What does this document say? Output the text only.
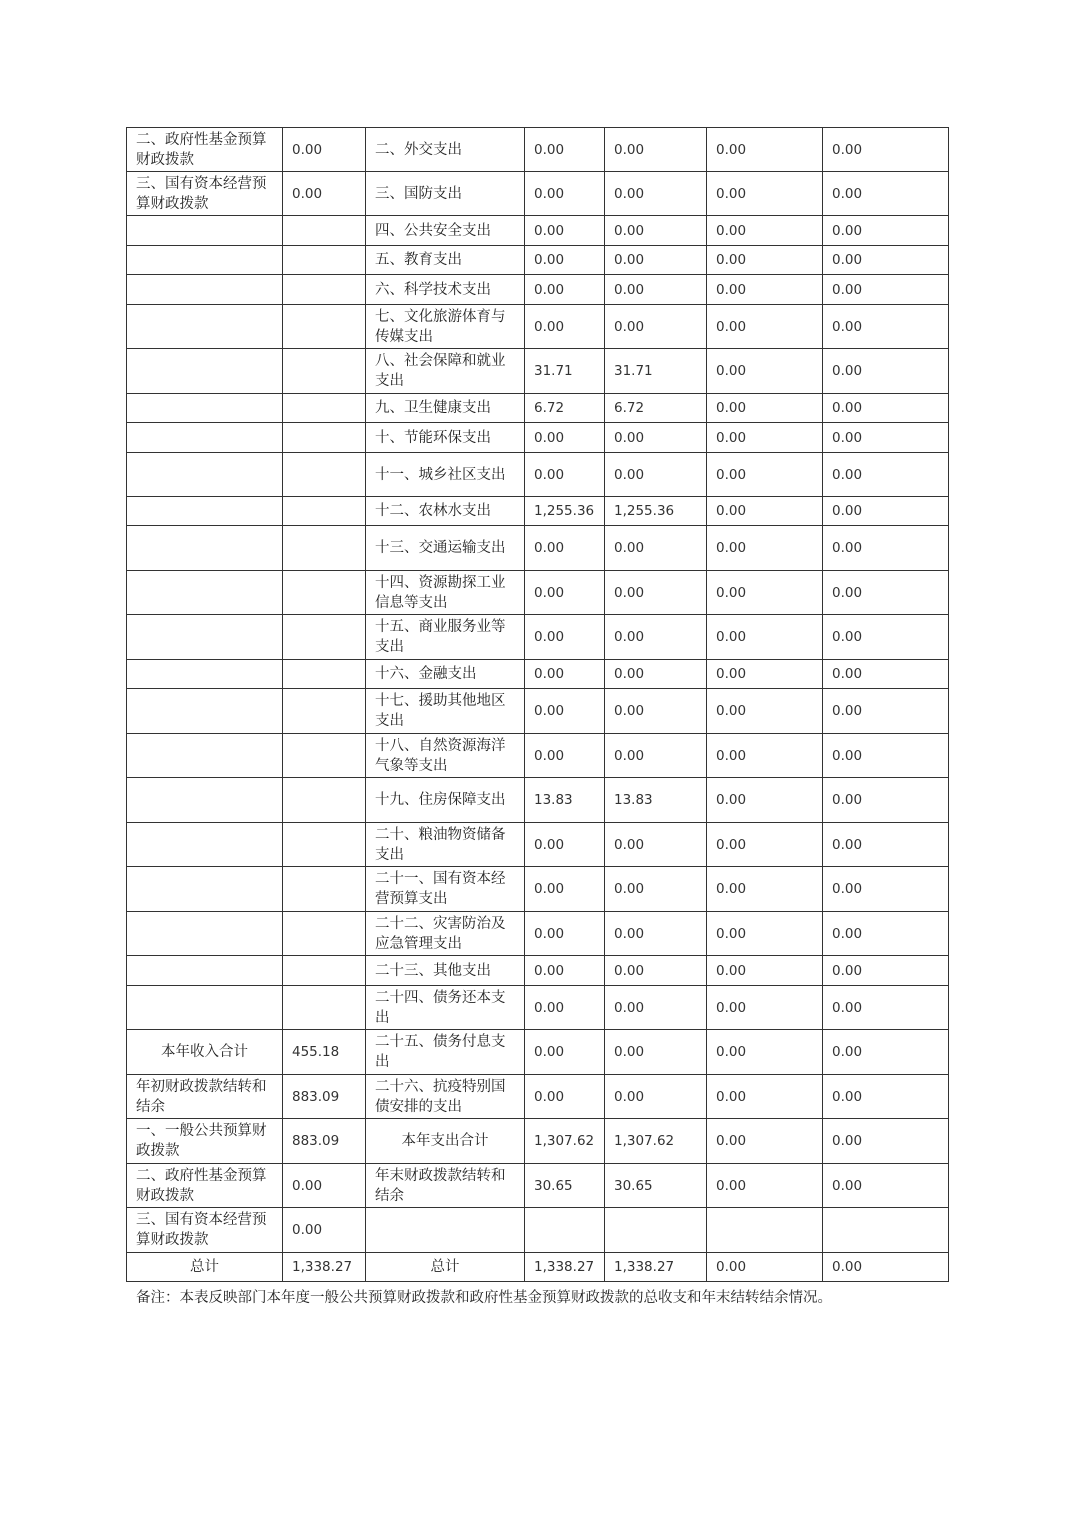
二、政府性基金预算财政拨款	0.00	二、外交支出	0.00	0.00	0.00	0.00
三、国有资本经营预算财政拨款	0.00	三、国防支出	0.00	0.00	0.00	0.00
		四、公共安全支出	0.00	0.00	0.00	0.00
		五、教育支出	0.00	0.00	0.00	0.00
		六、科学技术支出	0.00	0.00	0.00	0.00
		七、文化旅游体育与传媒支出	0.00	0.00	0.00	0.00
		八、社会保障和就业支出	31.71	31.71	0.00	0.00
		九、卫生健康支出	6.72	6.72	0.00	0.00
		十、节能环保支出	0.00	0.00	0.00	0.00
		十一、城乡社区支出	0.00	0.00	0.00	0.00
		十二、农林水支出	1,255.36	1,255.36	0.00	0.00
		十三、交通运输支出	0.00	0.00	0.00	0.00
		十四、资源勘探工业信息等支出	0.00	0.00	0.00	0.00
		十五、商业服务业等支出	0.00	0.00	0.00	0.00
		十六、金融支出	0.00	0.00	0.00	0.00
		十七、援助其他地区支出	0.00	0.00	0.00	0.00
		十八、自然资源海洋气象等支出	0.00	0.00	0.00	0.00
		十九、住房保障支出	13.83	13.83	0.00	0.00
		二十、粮油物资储备支出	0.00	0.00	0.00	0.00
		二十一、国有资本经营预算支出	0.00	0.00	0.00	0.00
		二十二、灾害防治及应急管理支出	0.00	0.00	0.00	0.00
		二十三、其他支出	0.00	0.00	0.00	0.00
		二十四、债务还本支出	0.00	0.00	0.00	0.00
本年收入合计	455.18	二十五、债务付息支出	0.00	0.00	0.00	0.00
年初财政拨款结转和结余	883.09	二十六、抗疫特别国债安排的支出	0.00	0.00	0.00	0.00
一、一般公共预算财政拨款	883.09	本年支出合计	1,307.62	1,307.62	0.00	0.00
二、政府性基金预算财政拨款	0.00	年末财政拨款结转和结余	30.65	30.65	0.00	0.00
三、国有资本经营预算财政拨款	0.00					
总计	1,338.27	总计	1,338.27	1,338.27	0.00	0.00
备注：本表反映部门本年度一般公共预算财政拨款和政府性基金预算财政拨款的总收支和年末结转结余情况。
